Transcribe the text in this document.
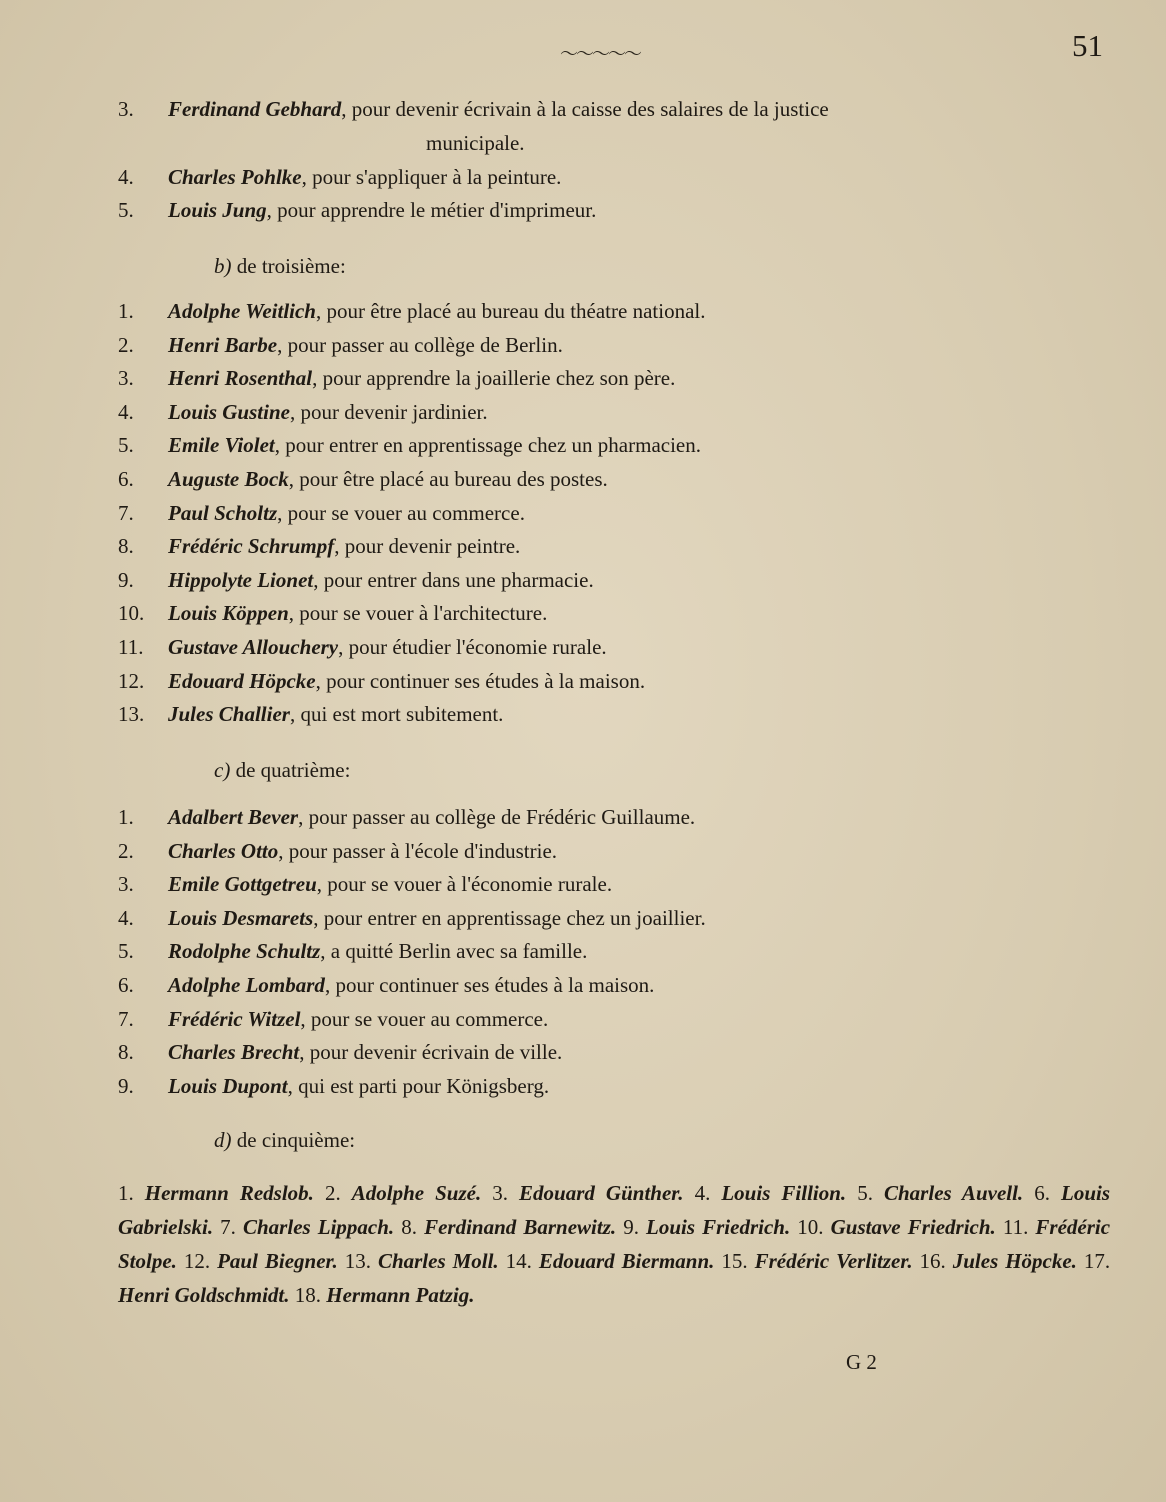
〜〜〜〜〜	51
3.	Ferdinand Gebhard, pour devenir écrivain à la caisse des salaires de la justice
municipale.
4.	Charles Pohlke, pour s'appliquer à la peinture.
5.	Louis Jung, pour apprendre le métier d'imprimeur.
b) de troisième:
1.	Adolphe Weitlich, pour être placé au bureau du théatre national.
2.	Henri Barbe, pour passer au collège de Berlin.
3.	Henri Rosenthal, pour apprendre la joaillerie chez son père.
4.	Louis Gustine, pour devenir jardinier.
5.	Emile Violet, pour entrer en apprentissage chez un pharmacien.
6.	Auguste Bock, pour être placé au bureau des postes.
7.	Paul Scholtz, pour se vouer au commerce.
8.	Frédéric Schrumpf, pour devenir peintre.
9.	Hippolyte Lionet, pour entrer dans une pharmacie.
10.	Louis Köppen, pour se vouer à l'architecture.
11.	Gustave Allouchery, pour étudier l'économie rurale.
12.	Edouard Höpcke, pour continuer ses études à la maison.
13.	Jules Challier, qui est mort subitement.
c) de quatrième:
1.	Adalbert Bever, pour passer au collège de Frédéric Guillaume.
2.	Charles Otto, pour passer à l'école d'industrie.
3.	Emile Gottgetreu, pour se vouer à l'économie rurale.
4.	Louis Desmarets, pour entrer en apprentissage chez un joaillier.
5.	Rodolphe Schultz, a quitté Berlin avec sa famille.
6.	Adolphe Lombard, pour continuer ses études à la maison.
7.	Frédéric Witzel, pour se vouer au commerce.
8.	Charles Brecht, pour devenir écrivain de ville.
9.	Louis Dupont, qui est parti pour Königsberg.
d) de cinquième:
1. Hermann Redslob. 2. Adolphe Suzé. 3. Edouard Günther. 4. Louis Fillion. 5. Charles Auvell. 6. Louis Gabrielski. 7. Charles Lippach. 8. Ferdinand Barnewitz. 9. Louis Friedrich. 10. Gustave Friedrich. 11. Frédéric Stolpe. 12. Paul Biegner. 13. Charles Moll. 14. Edouard Biermann. 15. Frédéric Verlitzer. 16. Jules Höpcke. 17. Henri Goldschmidt. 18. Hermann Patzig.
G 2
